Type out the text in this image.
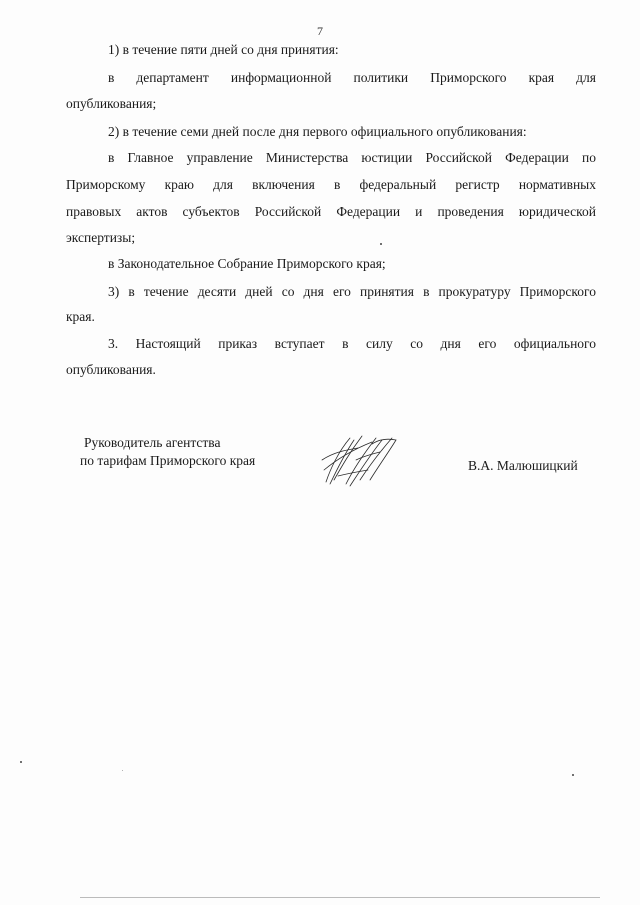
7
1) в течение пяти дней со дня принятия:
в департамент информационной политики Приморского края для
опубликования;
2) в течение семи дней после дня первого официального опубликования:
в Главное управление Министерства юстиции Российской Федерации по
Приморскому краю для включения в федеральный регистр нормативных
правовых актов субъектов Российской Федерации и проведения юридической
экспертизы;
в Законодательное Собрание Приморского края;
3) в течение десяти дней со дня его принятия в прокуратуру Приморского
края.
3. Настоящий приказ вступает в силу со дня его официального
опубликования.
Руководитель агентства
по тарифам Приморского края	В.А. Малюшицкий
